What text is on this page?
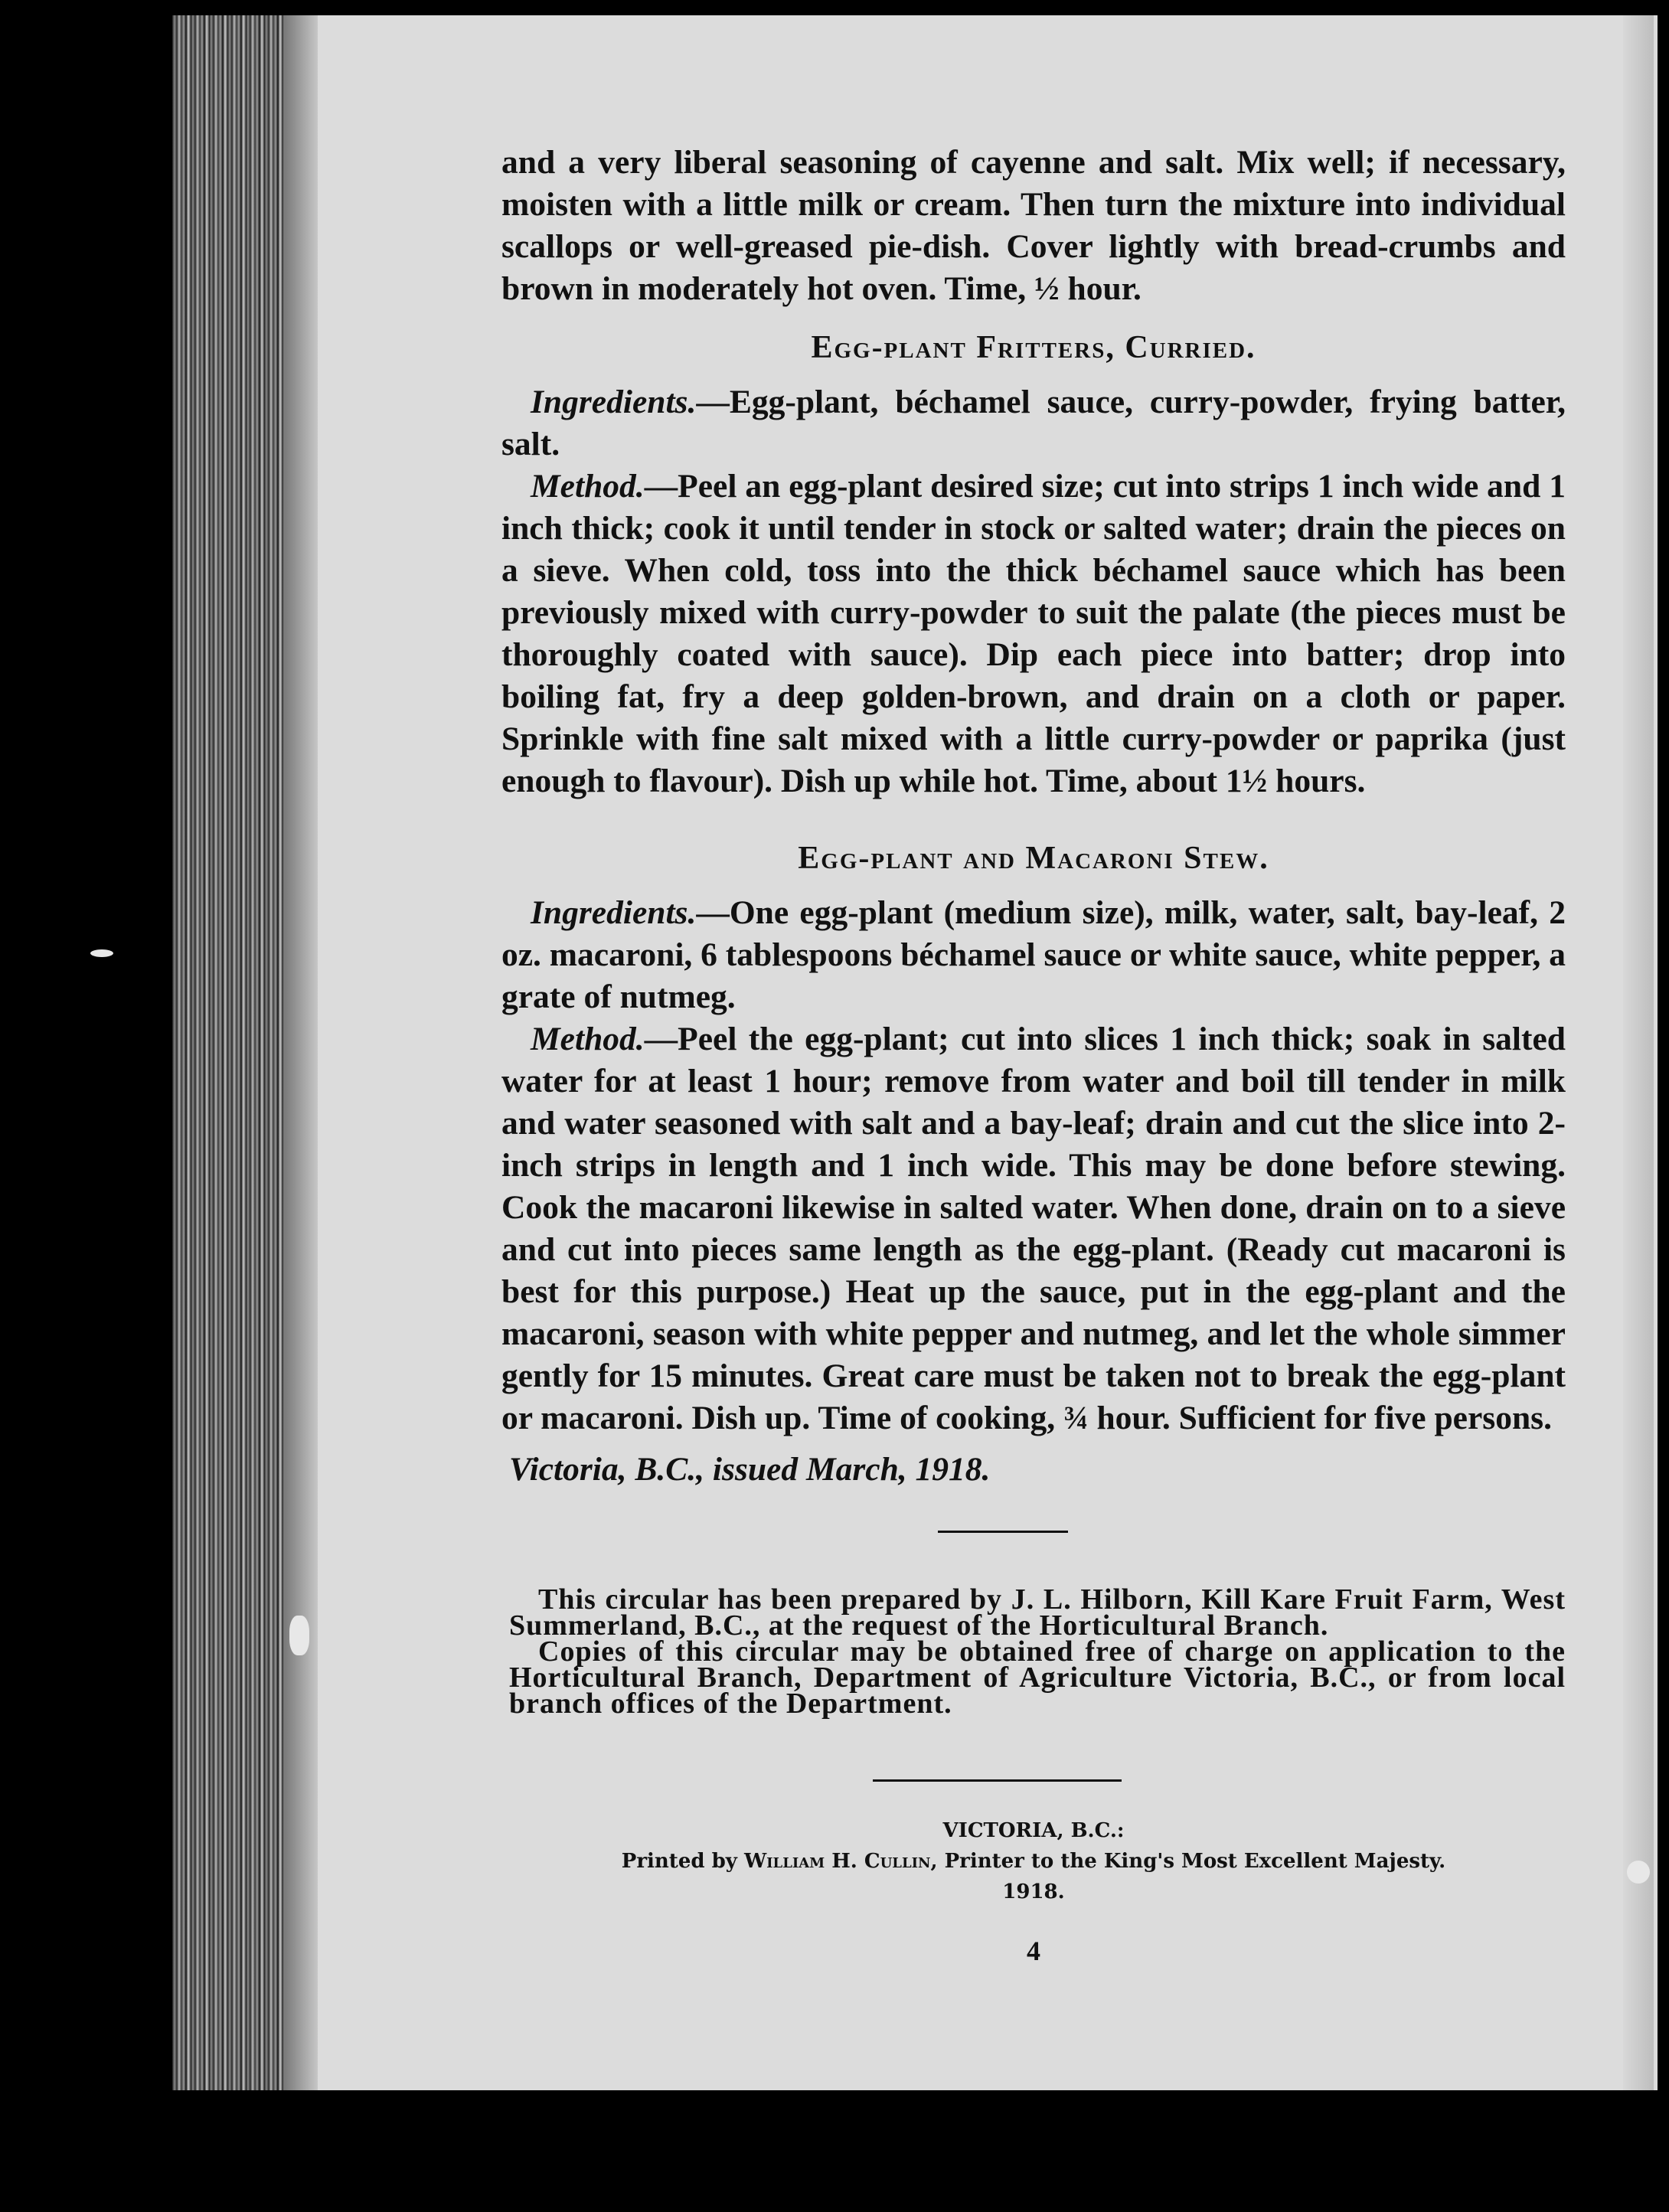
and a very liberal seasoning of cayenne and salt. Mix well; if necessary, moisten with a little milk or cream. Then turn the mixture into individual scallops or well-greased pie-dish. Cover lightly with bread-crumbs and brown in moderately hot oven. Time, ½ hour.

Egg-plant Fritters, Curried.

Ingredients.—Egg-plant, béchamel sauce, curry-powder, frying batter, salt.

Method.—Peel an egg-plant desired size; cut into strips 1 inch wide and 1 inch thick; cook it until tender in stock or salted water; drain the pieces on a sieve. When cold, toss into the thick béchamel sauce which has been previously mixed with curry-powder to suit the palate (the pieces must be thoroughly coated with sauce). Dip each piece into batter; drop into boiling fat, fry a deep golden-brown, and drain on a cloth or paper. Sprinkle with fine salt mixed with a little curry-powder or paprika (just enough to flavour). Dish up while hot. Time, about 1½ hours.

Egg-plant and Macaroni Stew.

Ingredients.—One egg-plant (medium size), milk, water, salt, bay-leaf, 2 oz. macaroni, 6 tablespoons béchamel sauce or white sauce, white pepper, a grate of nutmeg.

Method.—Peel the egg-plant; cut into slices 1 inch thick; soak in salted water for at least 1 hour; remove from water and boil till tender in milk and water seasoned with salt and a bay-leaf; drain and cut the slice into 2-inch strips in length and 1 inch wide. This may be done before stewing. Cook the macaroni likewise in salted water. When done, drain on to a sieve and cut into pieces same length as the egg-plant. (Ready cut macaroni is best for this purpose.) Heat up the sauce, put in the egg-plant and the macaroni, season with white pepper and nutmeg, and let the whole simmer gently for 15 minutes. Great care must be taken not to break the egg-plant or macaroni. Dish up. Time of cooking, ¾ hour. Sufficient for five persons.

Victoria, B.C., issued March, 1918.

This circular has been prepared by J. L. Hilborn, Kill Kare Fruit Farm, West Summerland, B.C., at the request of the Horticultural Branch.

Copies of this circular may be obtained free of charge on application to the Horticultural Branch, Department of Agriculture Victoria, B.C., or from local branch offices of the Department.

VICTORIA, B.C.:

Printed by William H. Cullin, Printer to the King's Most Excellent Majesty.

1918.

4
